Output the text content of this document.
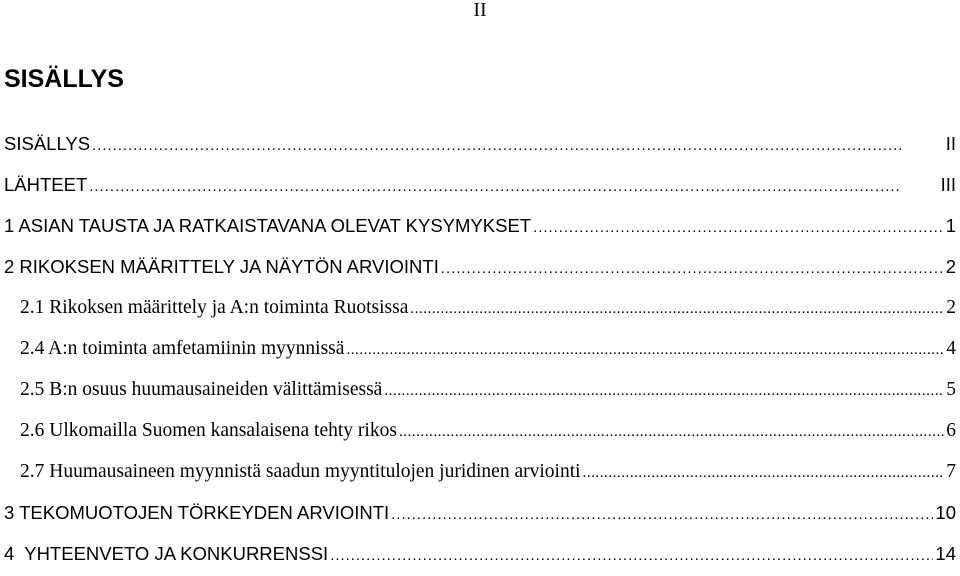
II
SISÄLLYS
SISÄLLYS . . .	II
LÄHTEET . . .	III
1 ASIAN TAUSTA JA RATKAISTAVANA OLEVAT KYSYMYKSET . . .	1
2 RIKOKSEN MÄÄRITTELY JA NÄYTÖN ARVIOINTI . . .	2
2.1 Rikoksen määrittely ja A:n toiminta Ruotsissa . . .	2
2.4 A:n toiminta amfetamiinin myynnissä . . .	4
2.5 B:n osuus huumausaineiden välittämisessä . . .	5
2.6 Ulkomailla Suomen kansalaisena tehty rikos . . .	6
2.7 Huumausaineen myynnistä saadun myyntitulojen juridinen arviointi . . .	7
3 TEKOMUOTOJEN TÖRKEYDEN ARVIOINTI . . .	10
4  YHTEENVETO JA KONKURRENSSI . . .	14
